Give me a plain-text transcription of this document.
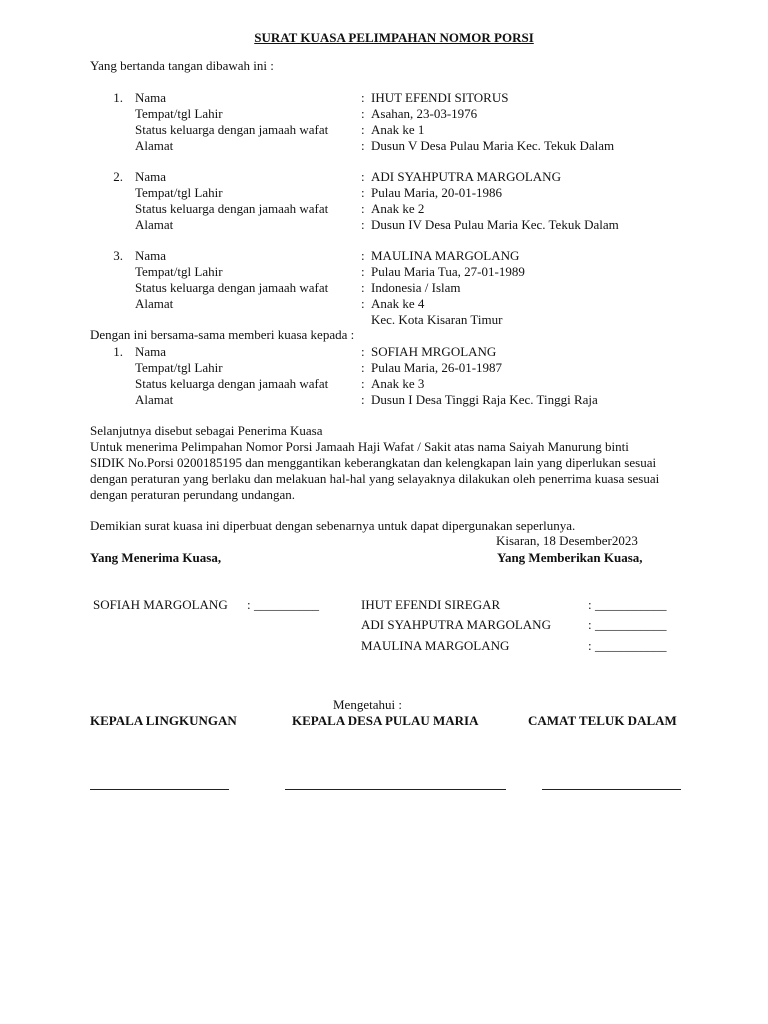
SURAT KUASA PELIMPAHAN NOMOR PORSI
Yang bertanda tangan dibawah ini :
1. Nama	: IHUT EFENDI SITORUS
Tempat/tgl Lahir	: Asahan, 23-03-1976
Status keluarga dengan jamaah wafat	: Anak ke 1
Alamat	: Dusun V Desa Pulau Maria Kec. Tekuk Dalam
2. Nama	: ADI SYAHPUTRA MARGOLANG
Tempat/tgl Lahir	: Pulau Maria, 20-01-1986
Status keluarga dengan jamaah wafat	: Anak ke 2
Alamat	: Dusun IV Desa Pulau Maria Kec. Tekuk Dalam
3. Nama	: MAULINA MARGOLANG
Tempat/tgl Lahir	: Pulau Maria Tua, 27-01-1989
Status keluarga dengan jamaah wafat	: Indonesia / Islam
Alamat	: Anak ke 4
Kec. Kota Kisaran Timur
Dengan ini bersama-sama memberi kuasa kepada :
1. Nama	: SOFIAH MRGOLANG
Tempat/tgl Lahir	: Pulau Maria, 26-01-1987
Status keluarga dengan jamaah wafat	: Anak ke 3
Alamat	: Dusun I Desa Tinggi Raja Kec. Tinggi Raja
Selanjutnya disebut sebagai Penerima Kuasa
Untuk menerima Pelimpahan Nomor Porsi Jamaah Haji Wafat / Sakit atas nama Saiyah Manurung binti
SIDIK No.Porsi 0200185195 dan menggantikan keberangkatan dan kelengkapan lain yang diperlukan sesuai
dengan peraturan yang berlaku dan melakuan hal-hal yang selayaknya dilakukan oleh penerrima kuasa sesuai
dengan peraturan perundang undangan.
Demikian surat kuasa ini diperbuat dengan sebenarnya untuk dapat dipergunakan seperlunya.
Kisaran, 18 Desember2023
Yang Menerima Kuasa,	Yang Memberikan Kuasa,
SOFIAH MARGOLANG : __________	IHUT EFENDI SIREGAR	: ___________
ADI SYAHPUTRA MARGOLANG	: ___________
MAULINA MARGOLANG	: ___________
Mengetahui :
KEPALA LINGKUNGAN	KEPALA DESA PULAU MARIA	CAMAT TELUK DALAM
